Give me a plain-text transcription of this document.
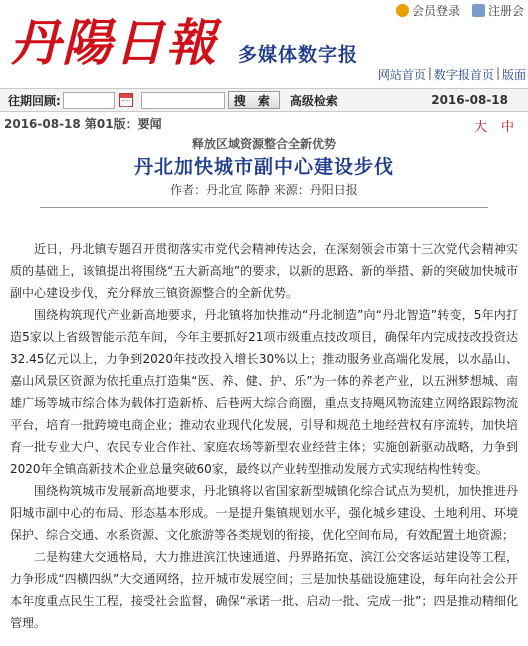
丹陽日報	多媒体数字报
会员登录 注册会
网站首页 | 数字报首页 | 版面
往期回顾:	搜 索	高级检索	2016-08-18
2016-08-18 第01版：要闻	大 中
释放区域资源整合全新优势
丹北加快城市副中心建设步伐
作者：丹北宣 陈静 来源：丹阳日报

近日，丹北镇专题召开贯彻落实市党代会精神传达会，在深刻领会市第十三次党代会精神实质的基础上，该镇提出将围绕“五大新高地”的要求，以新的思路、新的举措、新的突破加快城市副中心建设步伐，充分释放三镇资源整合的全新优势。

围绕构筑现代产业新高地要求，丹北镇将加快推动“丹北制造”向“丹北智造”转变，5年内打造5家以上省级智能示范车间，今年主要抓好21项市级重点技改项目，确保年内完成技改投资达32.45亿元以上，力争到2020年技改投入增长30%以上；推动服务业高端化发展，以水晶山、嘉山风景区资源为依托重点打造集“医、养、健、护、乐”为一体的养老产业，以五洲梦想城、南雄广场等城市综合体为载体打造新桥、后巷两大综合商圈，重点支持飓风物流建立网络跟踪物流平台，培育一批跨境电商企业；推动农业现代化发展，引导和规范土地经营权有序流转，加快培育一批专业大户、农民专业合作社、家庭农场等新型农业经营主体；实施创新驱动战略，力争到2020年全镇高新技术企业总量突破60家，最终以产业转型推动发展方式实现结构性转变。

围绕构筑城市发展新高地要求，丹北镇将以省国家新型城镇化综合试点为契机，加快推进丹阳城市副中心的布局、形态基本形成。一是提升集镇规划水平，强化城乡建设、土地利用、环境保护、综合交通、水系资源、文化旅游等各类规划的衔接，优化空间布局，有效配置土地资源；

二是构建大交通格局，大力推进滨江快速通道、丹界路拓宽、滨江公交客运站建设等工程，力争形成“四横四纵”大交通网络，拉开城市发展空间；三是加快基础设施建设，每年向社会公开本年度重点民生工程，接受社会监督，确保“承诺一批、启动一批、完成一批”；四是推动精细化管理。
